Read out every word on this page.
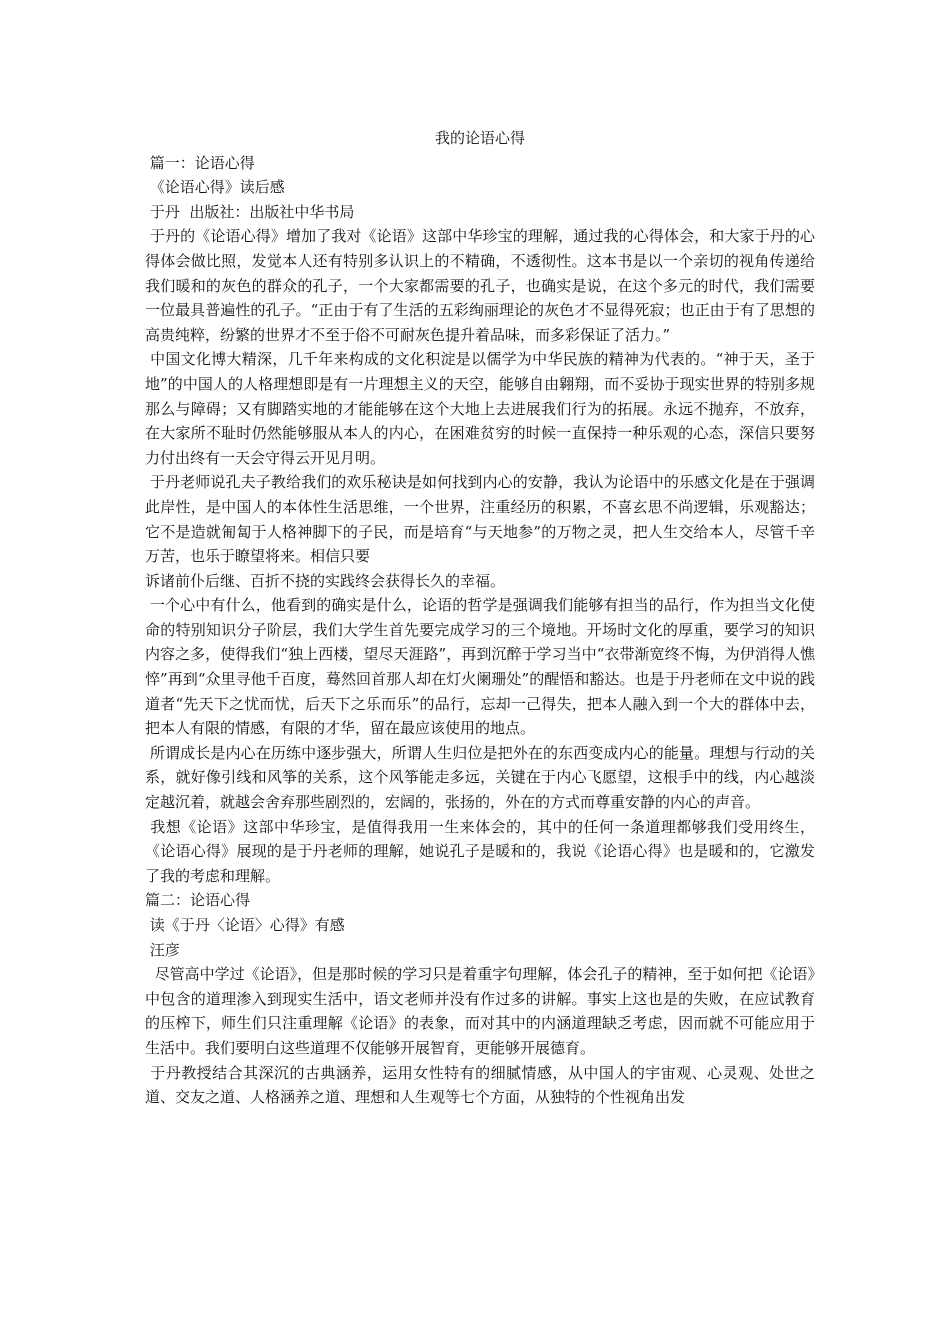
我的论语心得

篇一：论语心得

《论语心得》读后感

于丹  出版社：出版社中华书局

于丹的《论语心得》增加了我对《论语》这部中华珍宝的理解，通过我的心得体会，和大家于丹的心得体会做比照，发觉本人还有特别多认识上的不精确，不透彻性。这本书是以一个亲切的视角传递给我们暖和的灰色的群众的孔子，一个大家都需要的孔子，也确实是说，在这个多元的时代，我们需要一位最具普遍性的孔子。“正由于有了生活的五彩绚丽理论的灰色才不显得死寂；也正由于有了思想的高贵纯粹，纷繁的世界才不至于俗不可耐灰色提升着品味，而多彩保证了活力。”

中国文化博大精深，几千年来构成的文化积淀是以儒学为中华民族的精神为代表的。“神于天，圣于地”的中国人的人格理想即是有一片理想主义的天空，能够自由翱翔，而不妥协于现实世界的特别多规那么与障碍；又有脚踏实地的才能能够在这个大地上去进展我们行为的拓展。永远不抛弃，不放弃，在大家所不耻时仍然能够服从本人的内心，在困难贫穷的时候一直保持一种乐观的心态，深信只要努力付出终有一天会守得云开见月明。

于丹老师说孔夫子教给我们的欢乐秘诀是如何找到内心的安静，我认为论语中的乐感文化是在于强调此岸性，是中国人的本体性生活思维，一个世界，注重经历的积累，不喜玄思不尚逻辑，乐观豁达；它不是造就匍匐于人格神脚下的子民，而是培育“与天地参”的万物之灵，把人生交给本人，尽管千辛万苦，也乐于瞭望将来。相信只要

诉诸前仆后继、百折不挠的实践终会获得长久的幸福。

一个心中有什么，他看到的确实是什么，论语的哲学是强调我们能够有担当的品行，作为担当文化使命的特别知识分子阶层，我们大学生首先要完成学习的三个境地。开场时文化的厚重，要学习的知识内容之多，使得我们“独上西楼，望尽天涯路”，再到沉醉于学习当中“衣带渐宽终不悔，为伊消得人憔悴”再到“众里寻他千百度，蓦然回首那人却在灯火阑珊处”的醒悟和豁达。也是于丹老师在文中说的践道者“先天下之忧而忧，后天下之乐而乐”的品行，忘却一己得失，把本人融入到一个大的群体中去，把本人有限的情感，有限的才华，留在最应该使用的地点。

所谓成长是内心在历练中逐步强大，所谓人生归位是把外在的东西变成内心的能量。理想与行动的关系，就好像引线和风筝的关系，这个风筝能走多远，关键在于内心飞愿望，这根手中的线，内心越淡定越沉着，就越会舍弃那些剧烈的，宏阔的，张扬的，外在的方式而尊重安静的内心的声音。

我想《论语》这部中华珍宝，是值得我用一生来体会的，其中的任何一条道理都够我们受用终生，《论语心得》展现的是于丹老师的理解，她说孔子是暖和的，我说《论语心得》也是暖和的，它激发了我的考虑和理解。

篇二：论语心得

读《于丹〈论语〉心得》有感

汪彦

尽管高中学过《论语》，但是那时候的学习只是着重字句理解，体会孔子的精神，至于如何把《论语》中包含的道理渗入到现实生活中，语文老师并没有作过多的讲解。事实上这也是的失败，在应试教育的压榨下，师生们只注重理解《论语》的表象，而对其中的内涵道理缺乏考虑，因而就不可能应用于生活中。我们要明白这些道理不仅能够开展智育，更能够开展德育。

于丹教授结合其深沉的古典涵养，运用女性特有的细腻情感，从中国人的宇宙观、心灵观、处世之道、交友之道、人格涵养之道、理想和人生观等七个方面，从独特的个性视角出发
